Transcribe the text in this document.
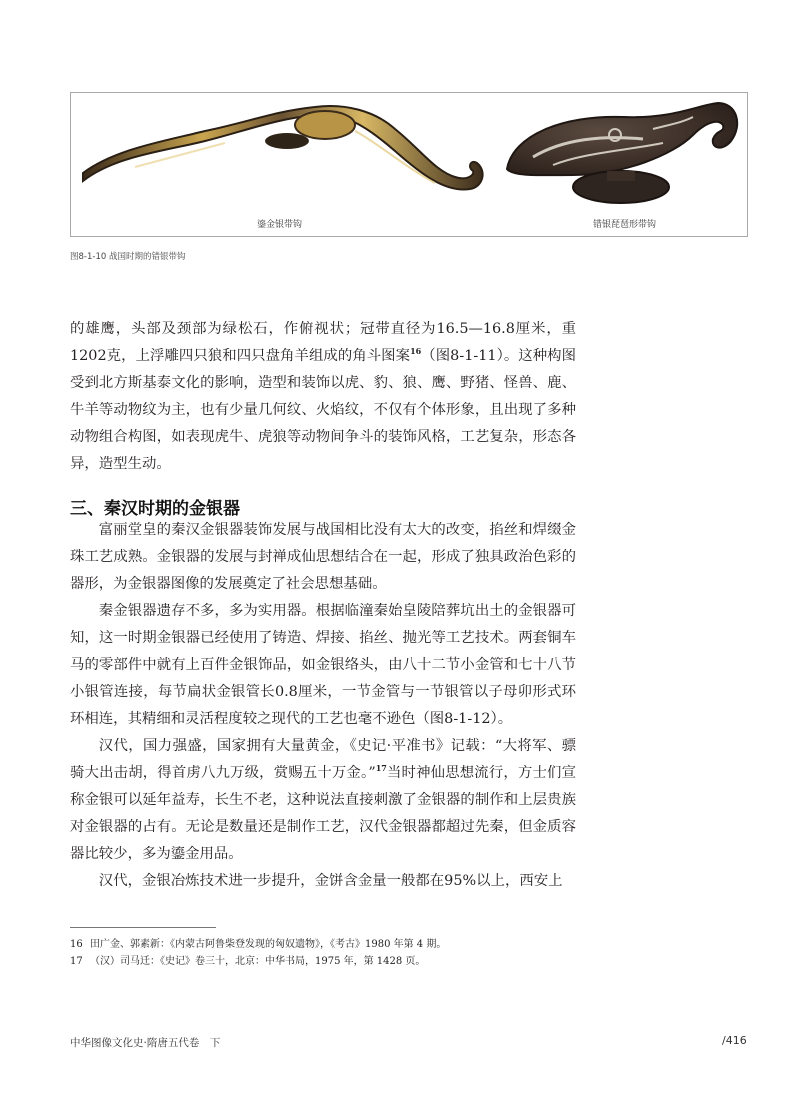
鎏金银带钩	错银琵琶形带钩
图8-1-10 战国时期的错银带钩

的雄鹰，头部及颈部为绿松石，作俯视状；冠带直径为16.5—16.8厘米，重1202克，上浮雕四只狼和四只盘角羊组成的角斗图案$^{16}$（图8-1-11）。这种构图受到北方斯基泰文化的影响，造型和装饰以虎、豹、狼、鹰、野猪、怪兽、鹿、牛羊等动物纹为主，也有少量几何纹、火焰纹，不仅有个体形象，且出现了多种动物组合构图，如表现虎牛、虎狼等动物间争斗的装饰风格，工艺复杂，形态各异，造型生动。

三、秦汉时期的金银器

富丽堂皇的秦汉金银器装饰发展与战国相比没有太大的改变，掐丝和焊缀金珠工艺成熟。金银器的发展与封禅成仙思想结合在一起，形成了独具政治色彩的器形，为金银器图像的发展奠定了社会思想基础。

秦金银器遗存不多，多为实用器。根据临潼秦始皇陵陪葬坑出土的金银器可知，这一时期金银器已经使用了铸造、焊接、掐丝、抛光等工艺技术。两套铜车马的零部件中就有上百件金银饰品，如金银络头，由八十二节小金管和七十八节小银管连接，每节扁状金银管长0.8厘米，一节金管与一节银管以子母卯形式环环相连，其精细和灵活程度较之现代的工艺也毫不逊色（图8-1-12）。

汉代，国力强盛，国家拥有大量黄金，《史记·平准书》记载：“大将军、骠骑大出击胡，得首虏八九万级，赏赐五十万金。”$^{17}$当时神仙思想流行，方士们宣称金银可以延年益寿，长生不老，这种说法直接刺激了金银器的制作和上层贵族对金银器的占有。无论是数量还是制作工艺，汉代金银器都超过先秦，但金质容器比较少，多为鎏金用品。

汉代，金银冶炼技术进一步提升，金饼含金量一般都在95%以上，西安上

16 田广金、郭素新：《内蒙古阿鲁柴登发现的匈奴遗物》，《考古》1980 年第 4 期。
17 （汉）司马迁：《史记》卷三十，北京：中华书局，1975 年，第 1428 页。
中华图像文化史·隋唐五代卷　下	/416
